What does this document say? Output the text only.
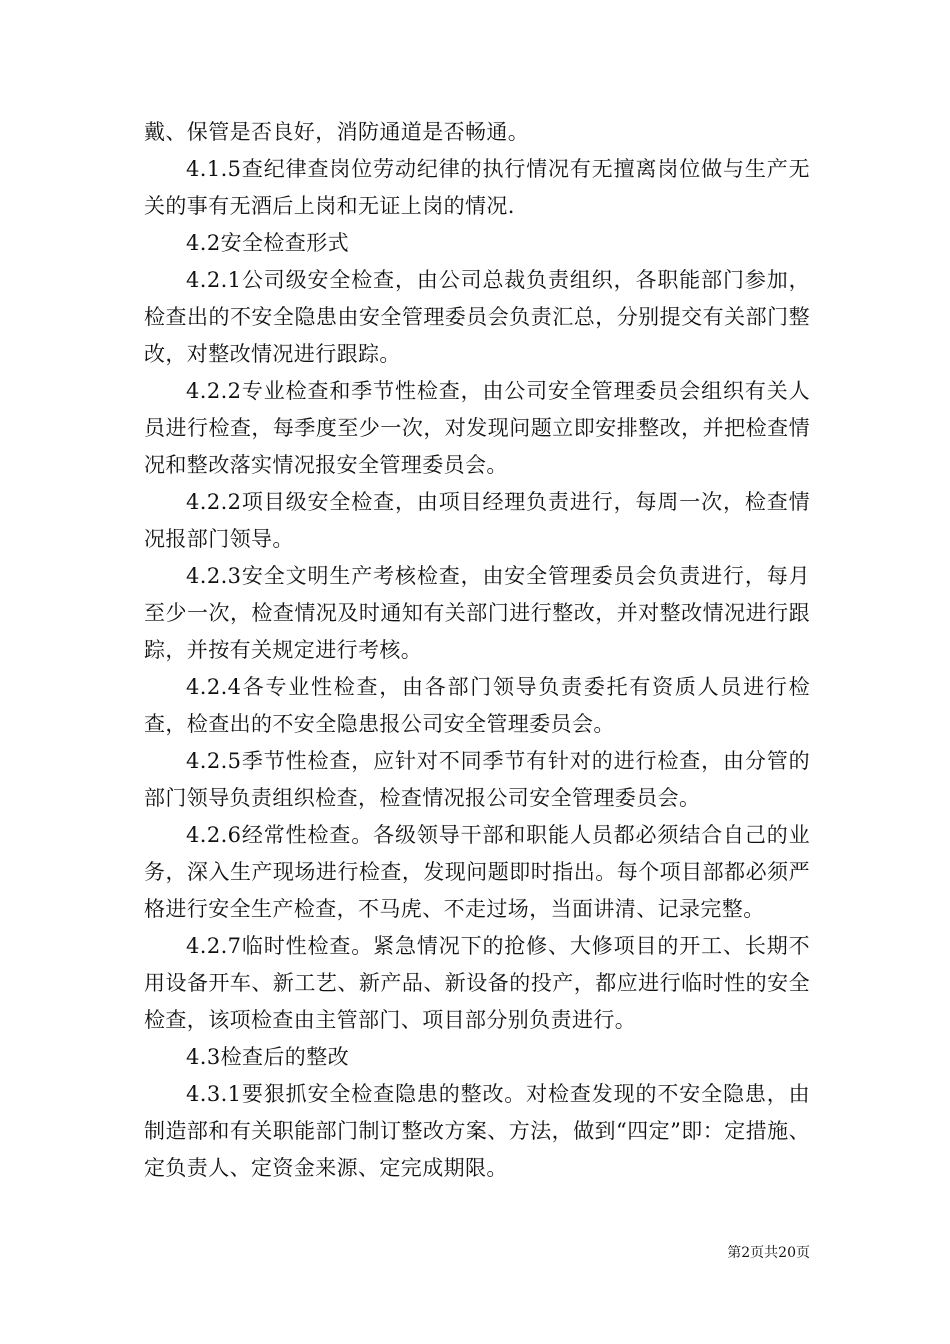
戴、保管是否良好，消防通道是否畅通。

4.1.5查纪律查岗位劳动纪律的执行情况有无擅离岗位做与生产无关的事有无酒后上岗和无证上岗的情况.

4.2安全检查形式

4.2.1公司级安全检查，由公司总裁负责组织，各职能部门参加，检查出的不安全隐患由安全管理委员会负责汇总，分别提交有关部门整改，对整改情况进行跟踪。

4.2.2专业检查和季节性检查，由公司安全管理委员会组织有关人员进行检查，每季度至少一次，对发现问题立即安排整改，并把检查情况和整改落实情况报安全管理委员会。

4.2.2项目级安全检查，由项目经理负责进行，每周一次，检查情况报部门领导。

4.2.3安全文明生产考核检查，由安全管理委员会负责进行，每月至少一次，检查情况及时通知有关部门进行整改，并对整改情况进行跟踪，并按有关规定进行考核。

4.2.4各专业性检查，由各部门领导负责委托有资质人员进行检查，检查出的不安全隐患报公司安全管理委员会。

4.2.5季节性检查，应针对不同季节有针对的进行检查，由分管的部门领导负责组织检查，检查情况报公司安全管理委员会。

4.2.6经常性检查。各级领导干部和职能人员都必须结合自己的业务，深入生产现场进行检查，发现问题即时指出。每个项目部都必须严格进行安全生产检查，不马虎、不走过场，当面讲清、记录完整。

4.2.7临时性检查。紧急情况下的抢修、大修项目的开工、长期不用设备开车、新工艺、新产品、新设备的投产，都应进行临时性的安全检查，该项检查由主管部门、项目部分别负责进行。

4.3检查后的整改

4.3.1要狠抓安全检查隐患的整改。对检查发现的不安全隐患，由制造部和有关职能部门制订整改方案、方法，做到“四定”即：定措施、定负责人、定资金来源、定完成期限。

第2页共20页
